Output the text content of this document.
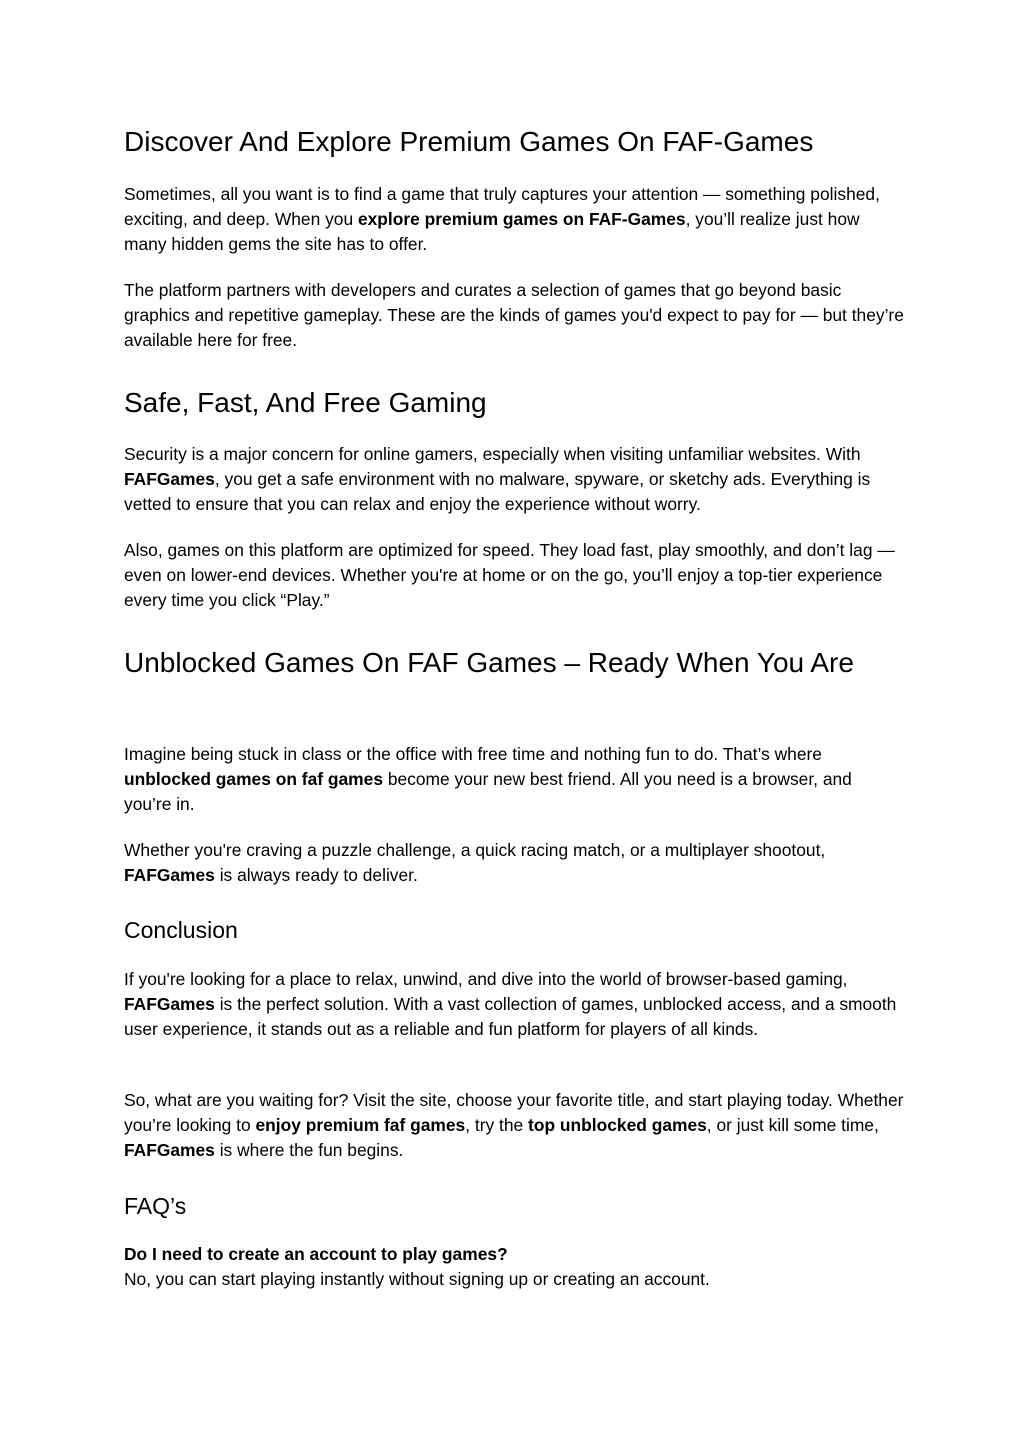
Discover And Explore Premium Games On FAF-Games

Sometimes, all you want is to find a game that truly captures your attention — something polished, exciting, and deep. When you explore premium games on FAF-Games, you’ll realize just how many hidden gems the site has to offer.

The platform partners with developers and curates a selection of games that go beyond basic graphics and repetitive gameplay. These are the kinds of games you'd expect to pay for — but they’re available here for free.

Safe, Fast, And Free Gaming

Security is a major concern for online gamers, especially when visiting unfamiliar websites. With FAFGames, you get a safe environment with no malware, spyware, or sketchy ads. Everything is vetted to ensure that you can relax and enjoy the experience without worry.

Also, games on this platform are optimized for speed. They load fast, play smoothly, and don’t lag — even on lower-end devices. Whether you're at home or on the go, you’ll enjoy a top-tier experience every time you click “Play.”

Unblocked Games On FAF Games – Ready When You Are

Imagine being stuck in class or the office with free time and nothing fun to do. That’s where unblocked games on faf games become your new best friend. All you need is a browser, and you’re in.

Whether you're craving a puzzle challenge, a quick racing match, or a multiplayer shootout, FAFGames is always ready to deliver.

Conclusion

If you're looking for a place to relax, unwind, and dive into the world of browser-based gaming, FAFGames is the perfect solution. With a vast collection of games, unblocked access, and a smooth user experience, it stands out as a reliable and fun platform for players of all kinds.

So, what are you waiting for? Visit the site, choose your favorite title, and start playing today. Whether you’re looking to enjoy premium faf games, try the top unblocked games, or just kill some time, FAFGames is where the fun begins.

FAQ’s

Do I need to create an account to play games?
No, you can start playing instantly without signing up or creating an account.
